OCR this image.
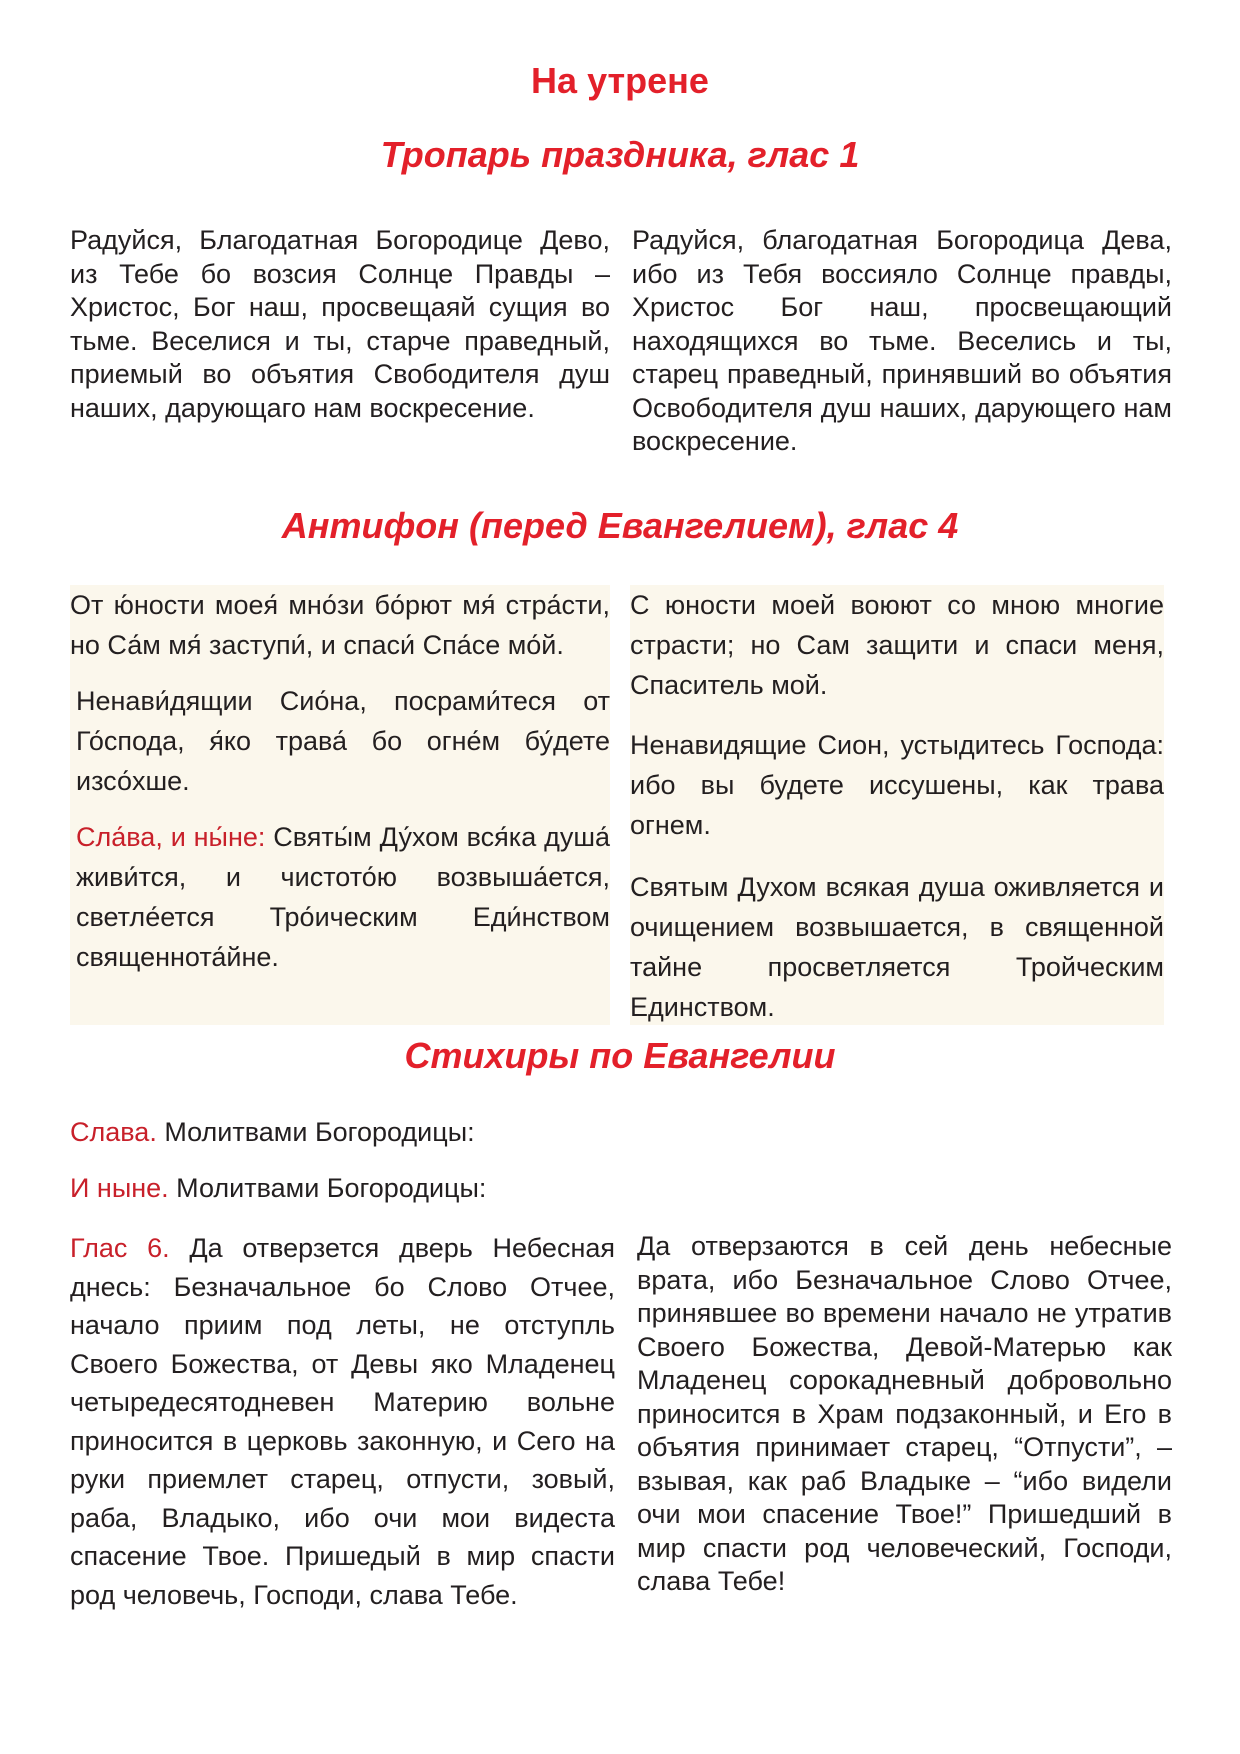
На утрене
Тропарь праздника, глас 1

Радуйся, Благодатная Богородице Дево, из Тебе бо возсия Солнце Правды – Христос, Бог наш, просвещаяй сущия во тьме. Веселися и ты, старче праведный, приемый во объятия Свободителя душ наших, дарующаго нам воскресение.

Радуйся, благодатная Богородица Дева, ибо из Тебя воссияло Солнце правды, Христос Бог наш, просвещающий находящихся во тьме. Веселись и ты, старец праведный, принявший во объятия Освободителя душ наших, дарующего нам воскресение.

Антифон (перед Евангелием), глас 4

От ю́ности моея́ мно́зи бо́рют мя́ стра́сти, но Са́м мя́ заступи́, и спаси́ Спа́се мо́й.

Ненави́дящии Сио́на, посрами́теся от Го́спода, я́ко трава́ бо огне́м бу́дете изсо́хше.

Сла́ва, и ны́не: Святы́м Ду́хом вся́ка душа́ живи́тся, и чистото́ю возвыша́ется, светле́ется Тро́ическим Еди́нством священнота́йне.

С юности моей воюют со мною многие страсти; но Сам защити и спаси меня, Спаситель мой.

Ненавидящие Сион, устыдитесь Господа: ибо вы будете иссушены, как трава огнем.

Святым Духом всякая душа оживляется и очищением возвышается, в священной тайне просветляется Тройческим Единством.

Стихиры по Евангелии
Слава. Молитвами Богородицы:
И ныне. Молитвами Богородицы:

Глас 6. Да отверзется дверь Небесная днесь: Безначальное бо Слово Отчее, начало приим под леты, не отступль Своего Божества, от Девы яко Младенец четыредесятодневен Материю вольне приносится в церковь законную, и Сего на руки приемлет старец, отпусти, зовый, раба, Владыко, ибо очи мои видеста спасение Твое. Пришедый в мир спасти род человечь, Господи, слава Тебе.

Да отверзаются в сей день небесные врата, ибо Безначальное Слово Отчее, принявшее во времени начало не утратив Своего Божества, Девой-Матерью как Младенец сорокадневный добровольно приносится в Храм подзаконный, и Его в объятия принимает старец, “Отпусти”, – взывая, как раб Владыке – “ибо видели очи мои спасение Твое!” Пришедший в мир спасти род человеческий, Господи, слава Тебе!
